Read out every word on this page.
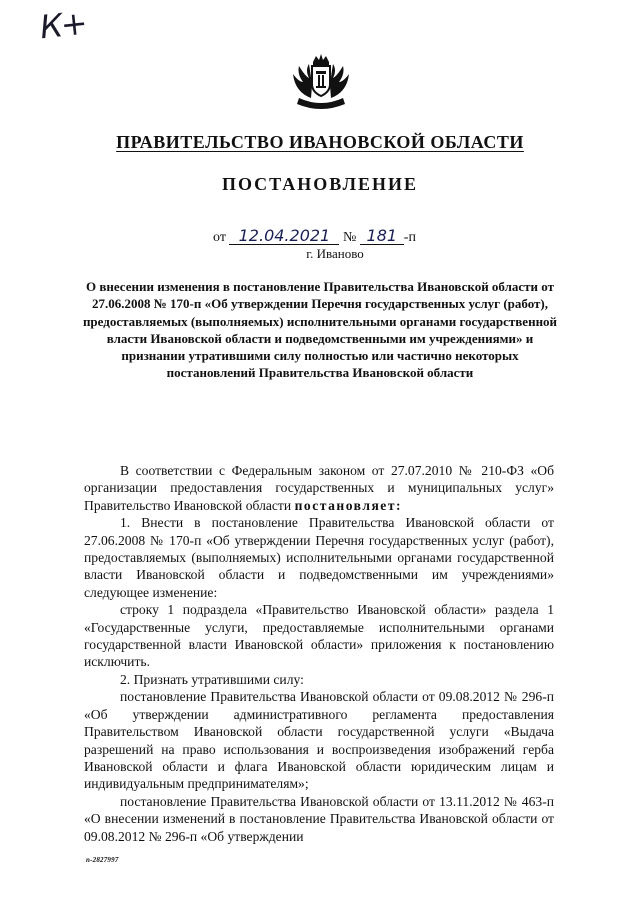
К+
ПРАВИТЕЛЬСТВО ИВАНОВСКОЙ ОБЛАСТИ
ПОСТАНОВЛЕНИЕ
от 12.04.2021 № 181 -п
г. Иваново
О внесении изменения в постановление Правительства Ивановской области от 27.06.2008 № 170-п «Об утверждении Перечня государственных услуг (работ), предоставляемых (выполняемых) исполнительными органами государственной власти Ивановской области и подведомственными им учреждениями» и признании утратившими силу полностью или частично некоторых постановлений Правительства Ивановской области

В соответствии с Федеральным законом от 27.07.2010 № 210-ФЗ «Об организации предоставления государственных и муниципальных услуг» Правительство Ивановской области постановляет:

1. Внести в постановление Правительства Ивановской области от 27.06.2008 № 170-п «Об утверждении Перечня государственных услуг (работ), предоставляемых (выполняемых) исполнительными органами государственной власти Ивановской области и подведомственными им учреждениями» следующее изменение:

строку 1 подраздела «Правительство Ивановской области» раздела 1 «Государственные услуги, предоставляемые исполнительными органами государственной власти Ивановской области» приложения к постановлению исключить.

2. Признать утратившими силу:

постановление Правительства Ивановской области от 09.08.2012 № 296-п «Об утверждении административного регламента предоставления Правительством Ивановской области государственной услуги «Выдача разрешений на право использования и воспроизведения изображений герба Ивановской области и флага Ивановской области юридическим лицам и индивидуальным предпринимателям»;

постановление Правительства Ивановской области от 13.11.2012 № 463-п «О внесении изменений в постановление Правительства Ивановской области от 09.08.2012 № 296-п «Об утверждении

п-2827997
